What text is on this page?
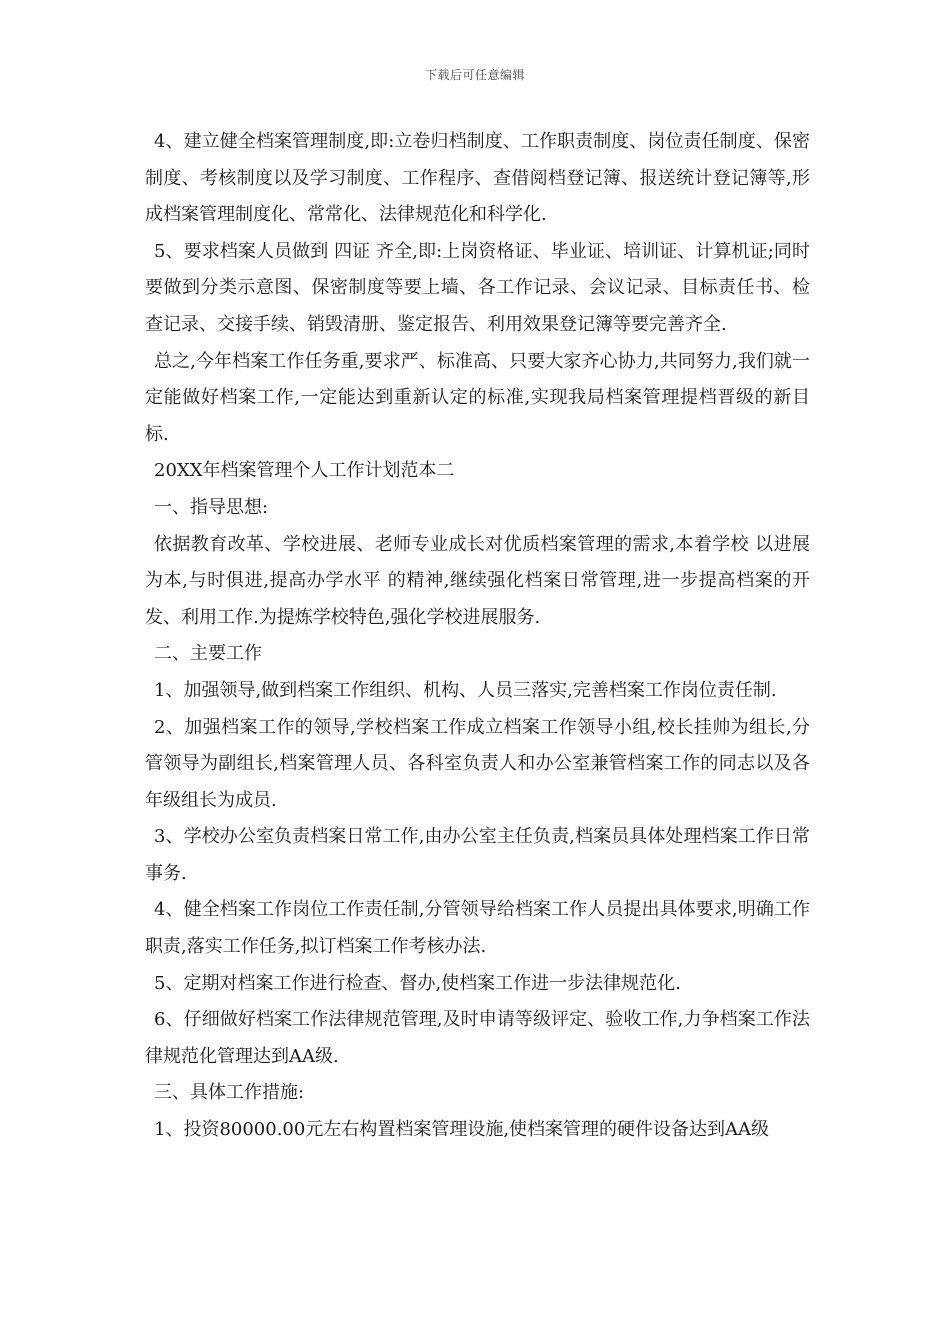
下载后可任意编辑

4、建立健全档案管理制度,即:立卷归档制度、工作职责制度、岗位责任制度、保密制度、考核制度以及学习制度、工作程序、查借阅档登记簿、报送统计登记簿等,形成档案管理制度化、常常化、法律规范化和科学化.

5、要求档案人员做到 四证 齐全,即:上岗资格证、毕业证、培训证、计算机证;同时要做到分类示意图、保密制度等要上墙、各工作记录、会议记录、目标责任书、检查记录、交接手续、销毁清册、鉴定报告、利用效果登记簿等要完善齐全.

总之,今年档案工作任务重,要求严、标准高、只要大家齐心协力,共同努力,我们就一定能做好档案工作,一定能达到重新认定的标准,实现我局档案管理提档晋级的新目标.

20XX年档案管理个人工作计划范本二

一、指导思想:

依据教育改革、学校进展、老师专业成长对优质档案管理的需求,本着学校 以进展为本,与时俱进,提高办学水平 的精神,继续强化档案日常管理,进一步提高档案的开发、利用工作.为提炼学校特色,强化学校进展服务.

二、主要工作

1、加强领导,做到档案工作组织、机构、人员三落实,完善档案工作岗位责任制.

2、加强档案工作的领导,学校档案工作成立档案工作领导小组,校长挂帅为组长,分管领导为副组长,档案管理人员、各科室负责人和办公室兼管档案工作的同志以及各年级组长为成员.

3、学校办公室负责档案日常工作,由办公室主任负责,档案员具体处理档案工作日常事务.

4、健全档案工作岗位工作责任制,分管领导给档案工作人员提出具体要求,明确工作职责,落实工作任务,拟订档案工作考核办法.

5、定期对档案工作进行检查、督办,使档案工作进一步法律规范化.

6、仔细做好档案工作法律规范管理,及时申请等级评定、验收工作,力争档案工作法律规范化管理达到AA级.

三、具体工作措施:

1、投资80000.00元左右构置档案管理设施,使档案管理的硬件设备达到AA级
